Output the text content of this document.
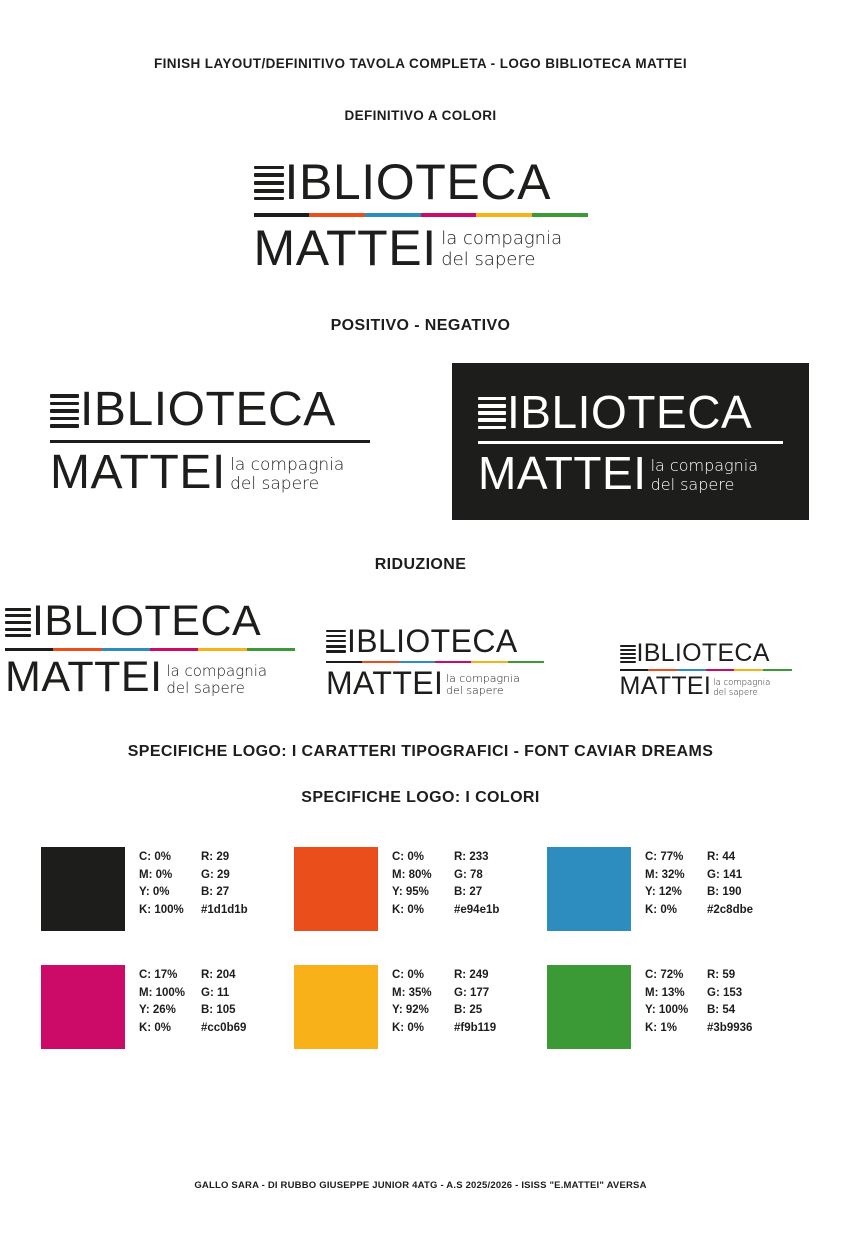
FINISH LAYOUT/DEFINITIVO TAVOLA COMPLETA - LOGO BIBLIOTECA MATTEI
DEFINITIVO A COLORI
IBLIOTECA
MATTEI la compagnia
del sapere
POSITIVO - NEGATIVO
IBLIOTECA
MATTEI la compagnia
del sapere
IBLIOTECA
MATTEI la compagnia
del sapere
RIDUZIONE
IBLIOTECA
MATTEI la compagnia
del sapere
IBLIOTECA
MATTEI la compagnia
del sapere
IBLIOTECA
MATTEI la compagnia
del sapere
SPECIFICHE LOGO: I CARATTERI TIPOGRAFICI - FONT CAVIAR DREAMS
SPECIFICHE LOGO: I COLORI
C: 0%
M: 0%
Y: 0%
K: 100%
R: 29
G: 29
B: 27
#1d1d1b
C: 0%
M: 80%
Y: 95%
K: 0%
R: 233
G: 78
B: 27
#e94e1b
C: 77%
M: 32%
Y: 12%
K: 0%
R: 44
G: 141
B: 190
#2c8dbe
C: 17%
M: 100%
Y: 26%
K: 0%
R: 204
G: 11
B: 105
#cc0b69
C: 0%
M: 35%
Y: 92%
K: 0%
R: 249
G: 177
B: 25
#f9b119
C: 72%
M: 13%
Y: 100%
K: 1%
R: 59
G: 153
B: 54
#3b9936
GALLO SARA - DI RUBBO GIUSEPPE JUNIOR 4ATG - A.S 2025/2026 - ISISS "E.MATTEI" AVERSA
